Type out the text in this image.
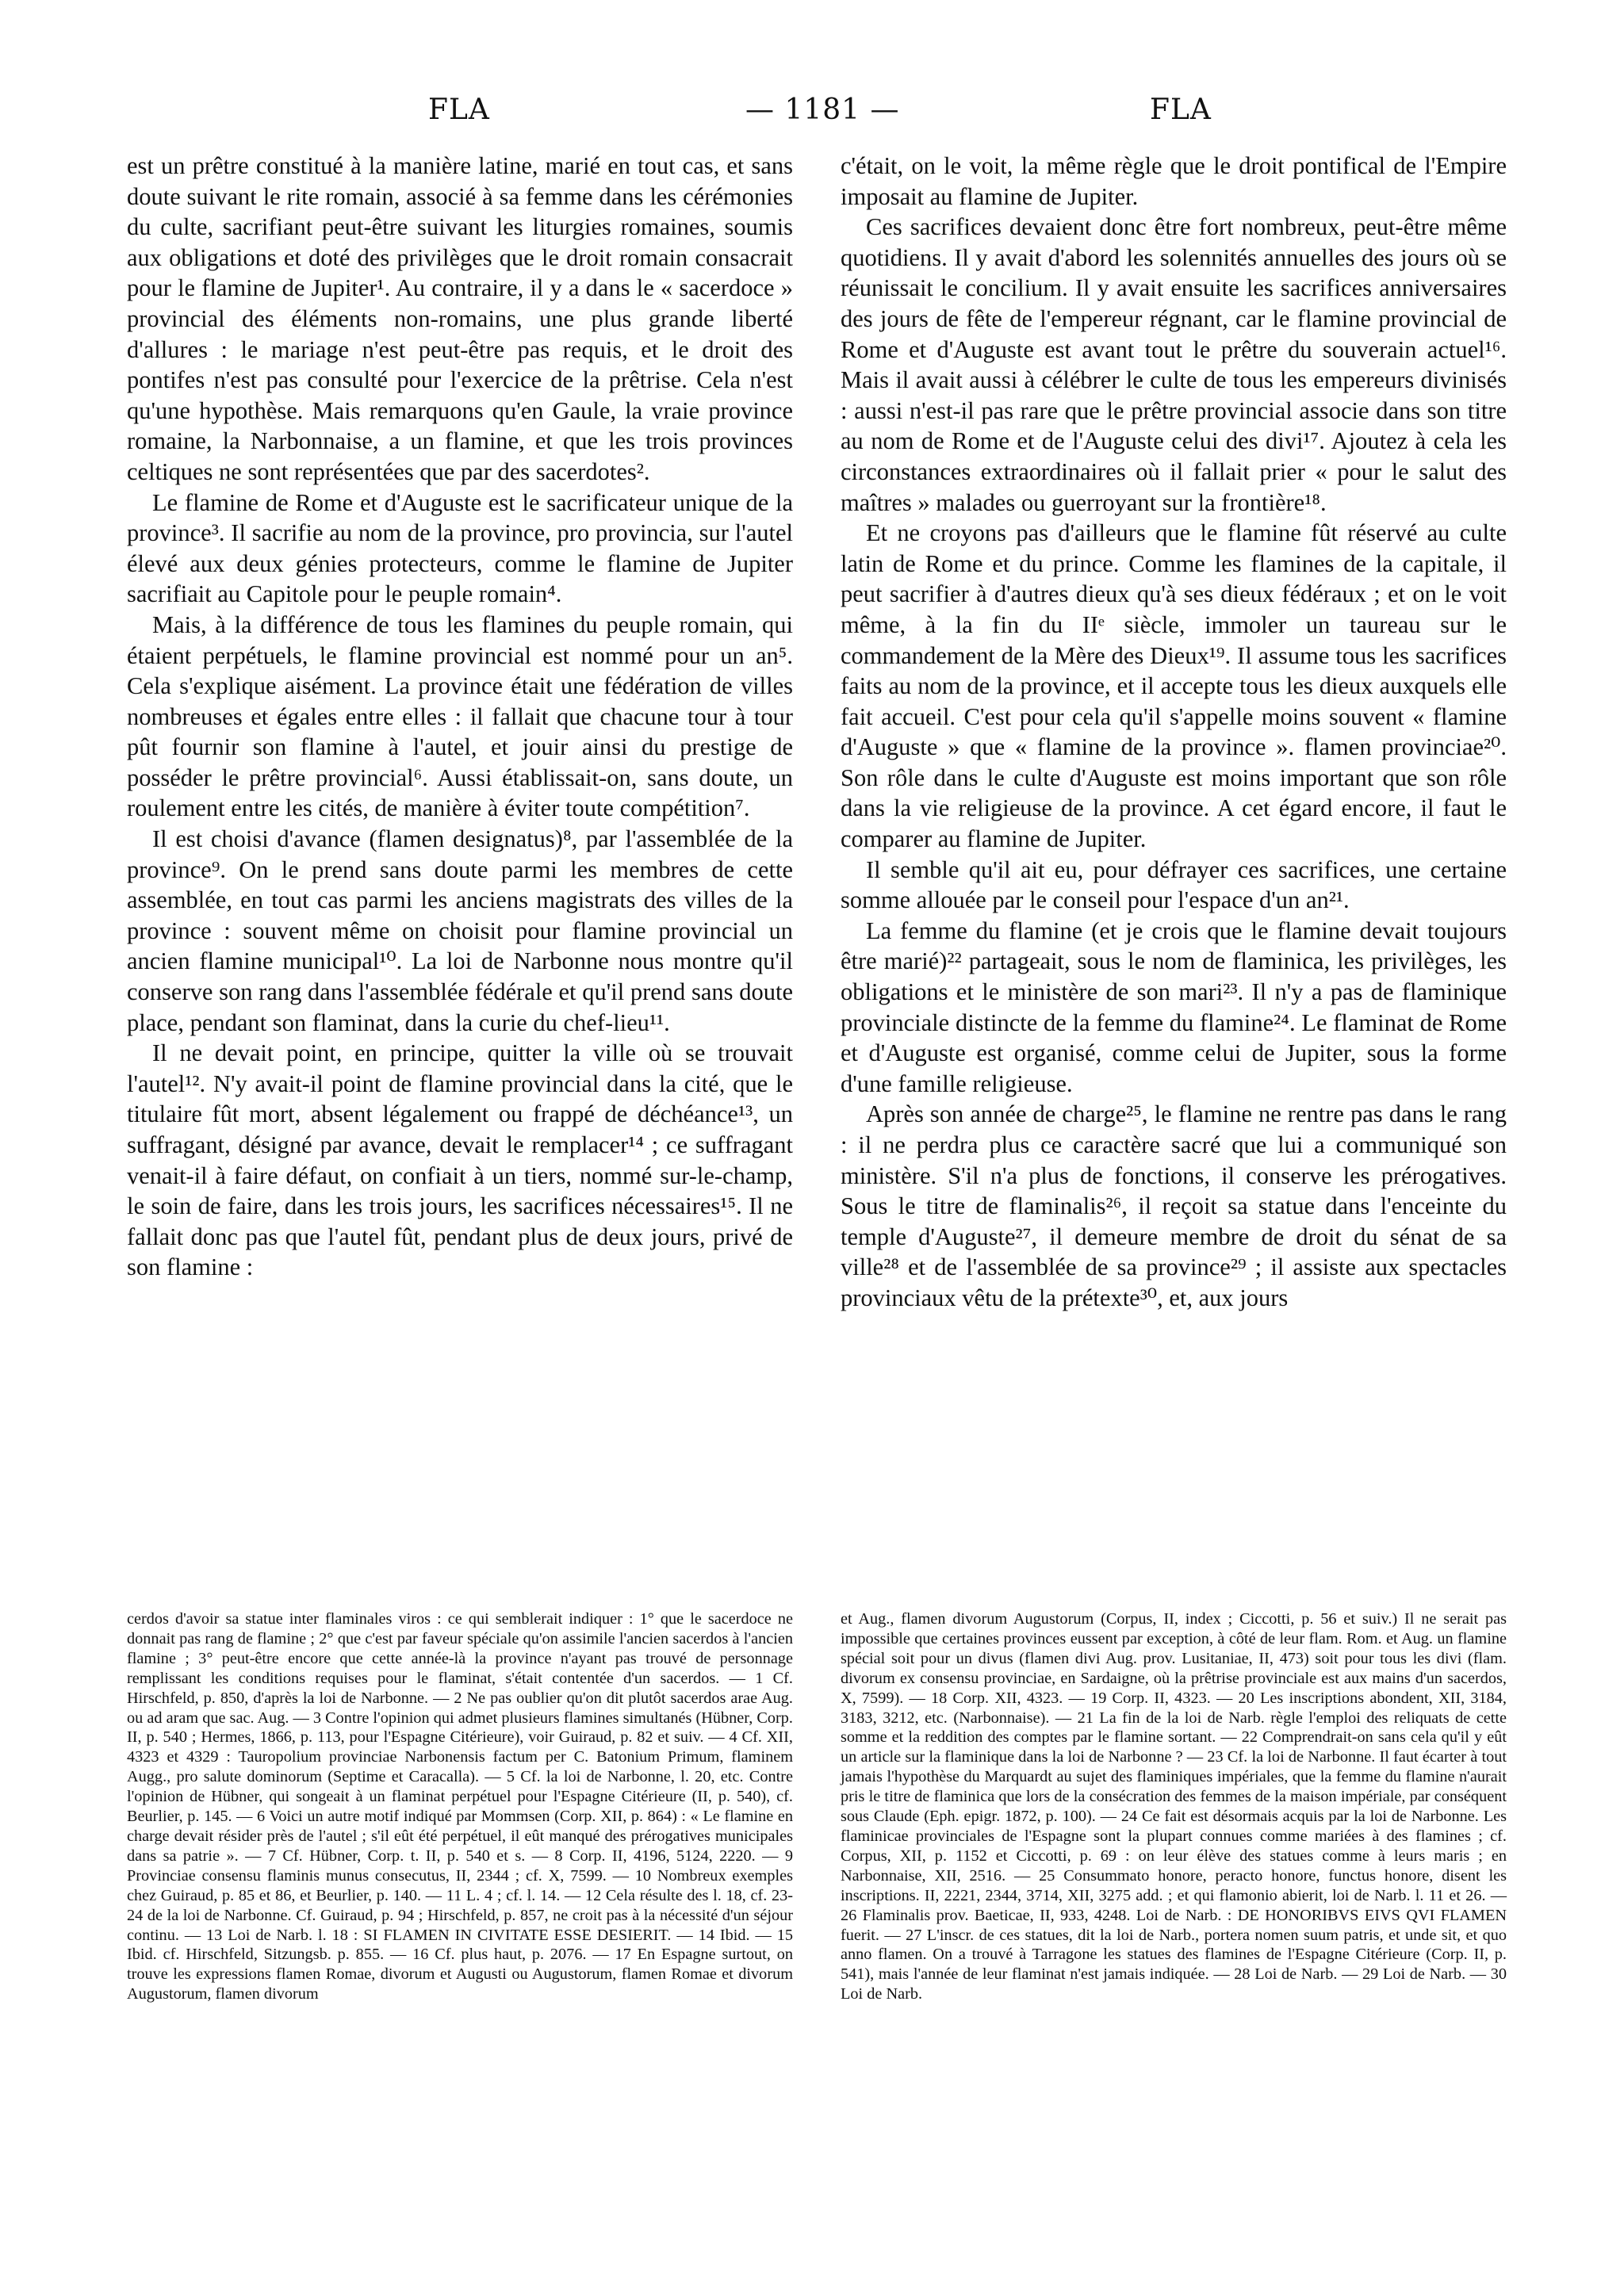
FLA	— 1181 —	FLA

est un prêtre constitué à la manière latine, marié en tout cas, et sans doute suivant le rite romain, associé à sa femme dans les cérémonies du culte, sacrifiant peut-être suivant les liturgies romaines, soumis aux obligations et doté des privilèges que le droit romain consacrait pour le flamine de Jupiter¹. Au contraire, il y a dans le « sacerdoce » provincial des éléments non-romains, une plus grande liberté d'allures : le mariage n'est peut-être pas requis, et le droit des pontifes n'est pas consulté pour l'exercice de la prêtrise. Cela n'est qu'une hypothèse. Mais remarquons qu'en Gaule, la vraie province romaine, la Narbonnaise, a un flamine, et que les trois provinces celtiques ne sont représentées que par des sacerdotes².

Le flamine de Rome et d'Auguste est le sacrificateur unique de la province³. Il sacrifie au nom de la province, pro provincia, sur l'autel élevé aux deux génies protecteurs, comme le flamine de Jupiter sacrifiait au Capitole pour le peuple romain⁴.

Mais, à la différence de tous les flamines du peuple romain, qui étaient perpétuels, le flamine provincial est nommé pour un an⁵. Cela s'explique aisément. La province était une fédération de villes nombreuses et égales entre elles : il fallait que chacune tour à tour pût fournir son flamine à l'autel, et jouir ainsi du prestige de posséder le prêtre provincial⁶. Aussi établissait-on, sans doute, un roulement entre les cités, de manière à éviter toute compétition⁷.

Il est choisi d'avance (flamen designatus)⁸, par l'assemblée de la province⁹. On le prend sans doute parmi les membres de cette assemblée, en tout cas parmi les anciens magistrats des villes de la province : souvent même on choisit pour flamine provincial un ancien flamine municipal¹⁰. La loi de Narbonne nous montre qu'il conserve son rang dans l'assemblée fédérale et qu'il prend sans doute place, pendant son flaminat, dans la curie du chef-lieu¹¹.

Il ne devait point, en principe, quitter la ville où se trouvait l'autel¹². N'y avait-il point de flamine provincial dans la cité, que le titulaire fût mort, absent légalement ou frappé de déchéance¹³, un suffragant, désigné par avance, devait le remplacer¹⁴ ; ce suffragant venait-il à faire défaut, on confiait à un tiers, nommé sur-le-champ, le soin de faire, dans les trois jours, les sacrifices nécessaires¹⁵. Il ne fallait donc pas que l'autel fût, pendant plus de deux jours, privé de son flamine :

c'était, on le voit, la même règle que le droit pontifical de l'Empire imposait au flamine de Jupiter.

Ces sacrifices devaient donc être fort nombreux, peut-être même quotidiens. Il y avait d'abord les solennités annuelles des jours où se réunissait le concilium. Il y avait ensuite les sacrifices anniversaires des jours de fête de l'empereur régnant, car le flamine provincial de Rome et d'Auguste est avant tout le prêtre du souverain actuel¹⁶. Mais il avait aussi à célébrer le culte de tous les empereurs divinisés : aussi n'est-il pas rare que le prêtre provincial associe dans son titre au nom de Rome et de l'Auguste celui des divi¹⁷. Ajoutez à cela les circonstances extraordinaires où il fallait prier « pour le salut des maîtres » malades ou guerroyant sur la frontière¹⁸.

Et ne croyons pas d'ailleurs que le flamine fût réservé au culte latin de Rome et du prince. Comme les flamines de la capitale, il peut sacrifier à d'autres dieux qu'à ses dieux fédéraux ; et on le voit même, à la fin du IIᵉ siècle, immoler un taureau sur le commandement de la Mère des Dieux¹⁹. Il assume tous les sacrifices faits au nom de la province, et il accepte tous les dieux auxquels elle fait accueil. C'est pour cela qu'il s'appelle moins souvent « flamine d'Auguste » que « flamine de la province ». flamen provinciae²⁰. Son rôle dans le culte d'Auguste est moins important que son rôle dans la vie religieuse de la province. A cet égard encore, il faut le comparer au flamine de Jupiter.

Il semble qu'il ait eu, pour défrayer ces sacrifices, une certaine somme allouée par le conseil pour l'espace d'un an²¹.

La femme du flamine (et je crois que le flamine devait toujours être marié)²² partageait, sous le nom de flaminica, les privilèges, les obligations et le ministère de son mari²³. Il n'y a pas de flaminique provinciale distincte de la femme du flamine²⁴. Le flaminat de Rome et d'Auguste est organisé, comme celui de Jupiter, sous la forme d'une famille religieuse.

Après son année de charge²⁵, le flamine ne rentre pas dans le rang : il ne perdra plus ce caractère sacré que lui a communiqué son ministère. S'il n'a plus de fonctions, il conserve les prérogatives. Sous le titre de flaminalis²⁶, il reçoit sa statue dans l'enceinte du temple d'Auguste²⁷, il demeure membre de droit du sénat de sa ville²⁸ et de l'assemblée de sa province²⁹ ; il assiste aux spectacles provinciaux vêtu de la prétexte³⁰, et, aux jours

cerdos d'avoir sa statue inter flaminales viros : ce qui semblerait indiquer : 1° que le sacerdoce ne donnait pas rang de flamine ; 2° que c'est par faveur spéciale qu'on assimile l'ancien sacerdos à l'ancien flamine ; 3° peut-être encore que cette année-là la province n'ayant pas trouvé de personnage remplissant les conditions requises pour le flaminat, s'était contentée d'un sacerdos. — 1 Cf. Hirschfeld, p. 850, d'après la loi de Narbonne. — 2 Ne pas oublier qu'on dit plutôt sacerdos arae Aug. ou ad aram que sac. Aug. — 3 Contre l'opinion qui admet plusieurs flamines simultanés (Hübner, Corp. II, p. 540 ; Hermes, 1866, p. 113, pour l'Espagne Citérieure), voir Guiraud, p. 82 et suiv. — 4 Cf. XII, 4323 et 4329 : Tauropolium provinciae Narbonensis factum per C. Batonium Primum, flaminem Augg., pro salute dominorum (Septime et Caracalla). — 5 Cf. la loi de Narbonne, l. 20, etc. Contre l'opinion de Hübner, qui songeait à un flaminat perpétuel pour l'Espagne Citérieure (II, p. 540), cf. Beurlier, p. 145. — 6 Voici un autre motif indiqué par Mommsen (Corp. XII, p. 864) : « Le flamine en charge devait résider près de l'autel ; s'il eût été perpétuel, il eût manqué des prérogatives municipales dans sa patrie ». — 7 Cf. Hübner, Corp. t. II, p. 540 et s. — 8 Corp. II, 4196, 5124, 2220. — 9 Provinciae consensu flaminis munus consecutus, II, 2344 ; cf. X, 7599. — 10 Nombreux exemples chez Guiraud, p. 85 et 86, et Beurlier, p. 140. — 11 L. 4 ; cf. l. 14. — 12 Cela résulte des l. 18, cf. 23-24 de la loi de Narbonne. Cf. Guiraud, p. 94 ; Hirschfeld, p. 857, ne croit pas à la nécessité d'un séjour continu. — 13 Loi de Narb. l. 18 : SI FLAMEN IN CIVITATE ESSE DESIERIT. — 14 Ibid. — 15 Ibid. cf. Hirschfeld, Sitzungsb. p. 855. — 16 Cf. plus haut, p. 2076. — 17 En Espagne surtout, on trouve les expressions flamen Romae, divorum et Augusti ou Augustorum, flamen Romae et divorum Augustorum, flamen divorum

et Aug., flamen divorum Augustorum (Corpus, II, index ; Ciccotti, p. 56 et suiv.) Il ne serait pas impossible que certaines provinces eussent par exception, à côté de leur flam. Rom. et Aug. un flamine spécial soit pour un divus (flamen divi Aug. prov. Lusitaniae, II, 473) soit pour tous les divi (flam. divorum ex consensu provinciae, en Sardaigne, où la prêtrise provinciale est aux mains d'un sacerdos, X, 7599). — 18 Corp. XII, 4323. — 19 Corp. II, 4323. — 20 Les inscriptions abondent, XII, 3184, 3183, 3212, etc. (Narbonnaise). — 21 La fin de la loi de Narb. règle l'emploi des reliquats de cette somme et la reddition des comptes par le flamine sortant. — 22 Comprendrait-on sans cela qu'il y eût un article sur la flaminique dans la loi de Narbonne ? — 23 Cf. la loi de Narbonne. Il faut écarter à tout jamais l'hypothèse du Marquardt au sujet des flaminiques impériales, que la femme du flamine n'aurait pris le titre de flaminica que lors de la consécration des femmes de la maison impériale, par conséquent sous Claude (Eph. epigr. 1872, p. 100). — 24 Ce fait est désormais acquis par la loi de Narbonne. Les flaminicae provinciales de l'Espagne sont la plupart connues comme mariées à des flamines ; cf. Corpus, XII, p. 1152 et Ciccotti, p. 69 : on leur élève des statues comme à leurs maris ; en Narbonnaise, XII, 2516. — 25 Consummato honore, peracto honore, functus honore, disent les inscriptions. II, 2221, 2344, 3714, XII, 3275 add. ; et qui flamonio abierit, loi de Narb. l. 11 et 26. — 26 Flaminalis prov. Baeticae, II, 933, 4248. Loi de Narb. : DE HONORIBVS EIVS QVI FLAMEN fuerit. — 27 L'inscr. de ces statues, dit la loi de Narb., portera nomen suum patris, et unde sit, et quo anno flamen. On a trouvé à Tarragone les statues des flamines de l'Espagne Citérieure (Corp. II, p. 541), mais l'année de leur flaminat n'est jamais indiquée. — 28 Loi de Narb. — 29 Loi de Narb. — 30 Loi de Narb.
